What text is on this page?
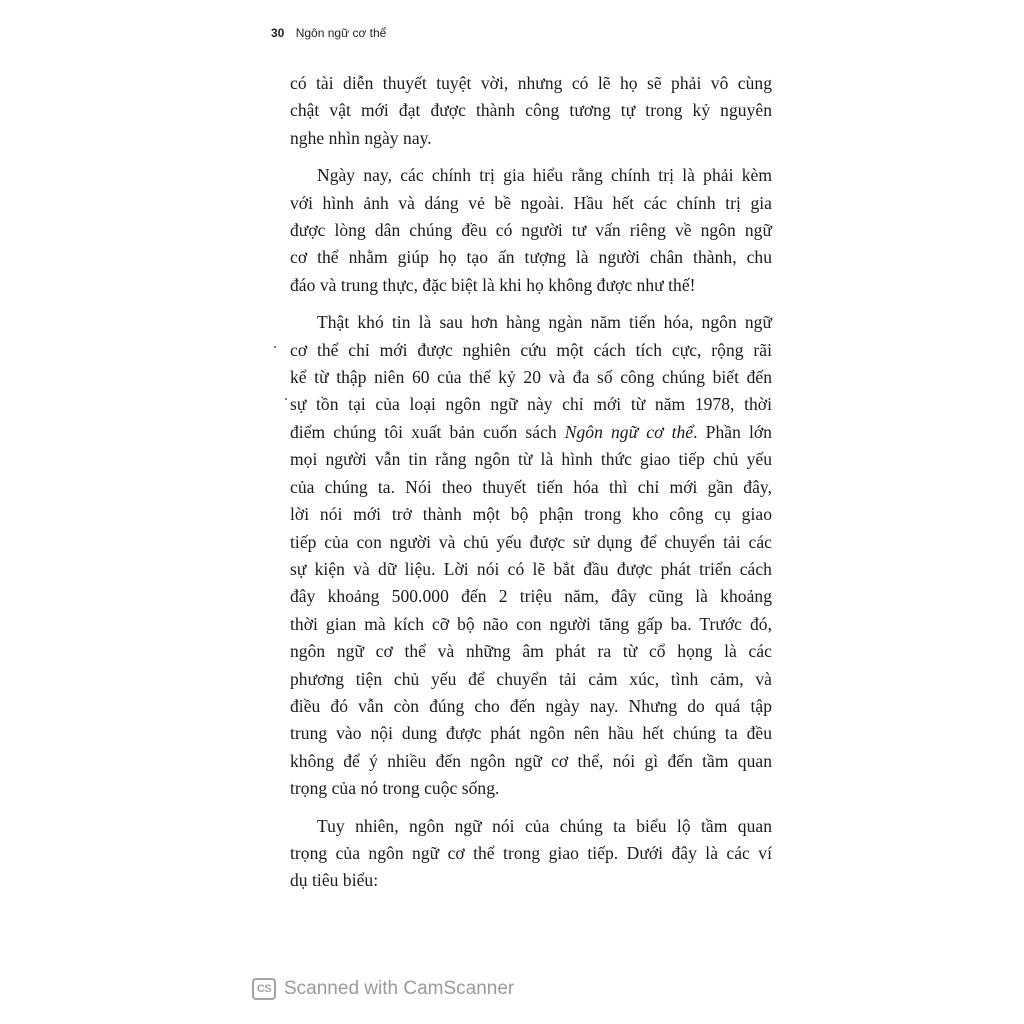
30 Ngôn ngữ cơ thể

có tài diễn thuyết tuyệt vời, nhưng có lẽ họ sẽ phải vô cùng
chật vật mới đạt được thành công tương tự trong kỷ nguyên
nghe nhìn ngày nay.

Ngày nay, các chính trị gia hiểu rằng chính trị là phải kèm
với hình ảnh và dáng vẻ bề ngoài. Hầu hết các chính trị gia
được lòng dân chúng đều có người tư vấn riêng về ngôn ngữ
cơ thể nhằm giúp họ tạo ấn tượng là người chân thành, chu
đáo và trung thực, đặc biệt là khi họ không được như thế!

Thật khó tin là sau hơn hàng ngàn năm tiến hóa, ngôn ngữ
cơ thể chỉ mới được nghiên cứu một cách tích cực, rộng rãi
kể từ thập niên 60 của thế kỷ 20 và đa số công chúng biết đến
sự tồn tại của loại ngôn ngữ này chỉ mới từ năm 1978, thời
điểm chúng tôi xuất bản cuốn sách Ngôn ngữ cơ thể. Phần lớn
mọi người vẫn tin rằng ngôn từ là hình thức giao tiếp chủ yếu
của chúng ta. Nói theo thuyết tiến hóa thì chỉ mới gần đây,
lời nói mới trở thành một bộ phận trong kho công cụ giao
tiếp của con người và chủ yếu được sử dụng để chuyển tải các
sự kiện và dữ liệu. Lời nói có lẽ bắt đầu được phát triển cách
đây khoảng 500.000 đến 2 triệu năm, đây cũng là khoảng
thời gian mà kích cỡ bộ não con người tăng gấp ba. Trước đó,
ngôn ngữ cơ thể và những âm phát ra từ cổ họng là các
phương tiện chủ yếu để chuyển tải cảm xúc, tình cảm, và
điều đó vẫn còn đúng cho đến ngày nay. Nhưng do quá tập
trung vào nội dung được phát ngôn nên hầu hết chúng ta đều
không để ý nhiều đến ngôn ngữ cơ thể, nói gì đến tầm quan
trọng của nó trong cuộc sống.

Tuy nhiên, ngôn ngữ nói của chúng ta biểu lộ tầm quan
trọng của ngôn ngữ cơ thể trong giao tiếp. Dưới đây là các ví
dụ tiêu biểu:

CS Scanned with CamScanner
